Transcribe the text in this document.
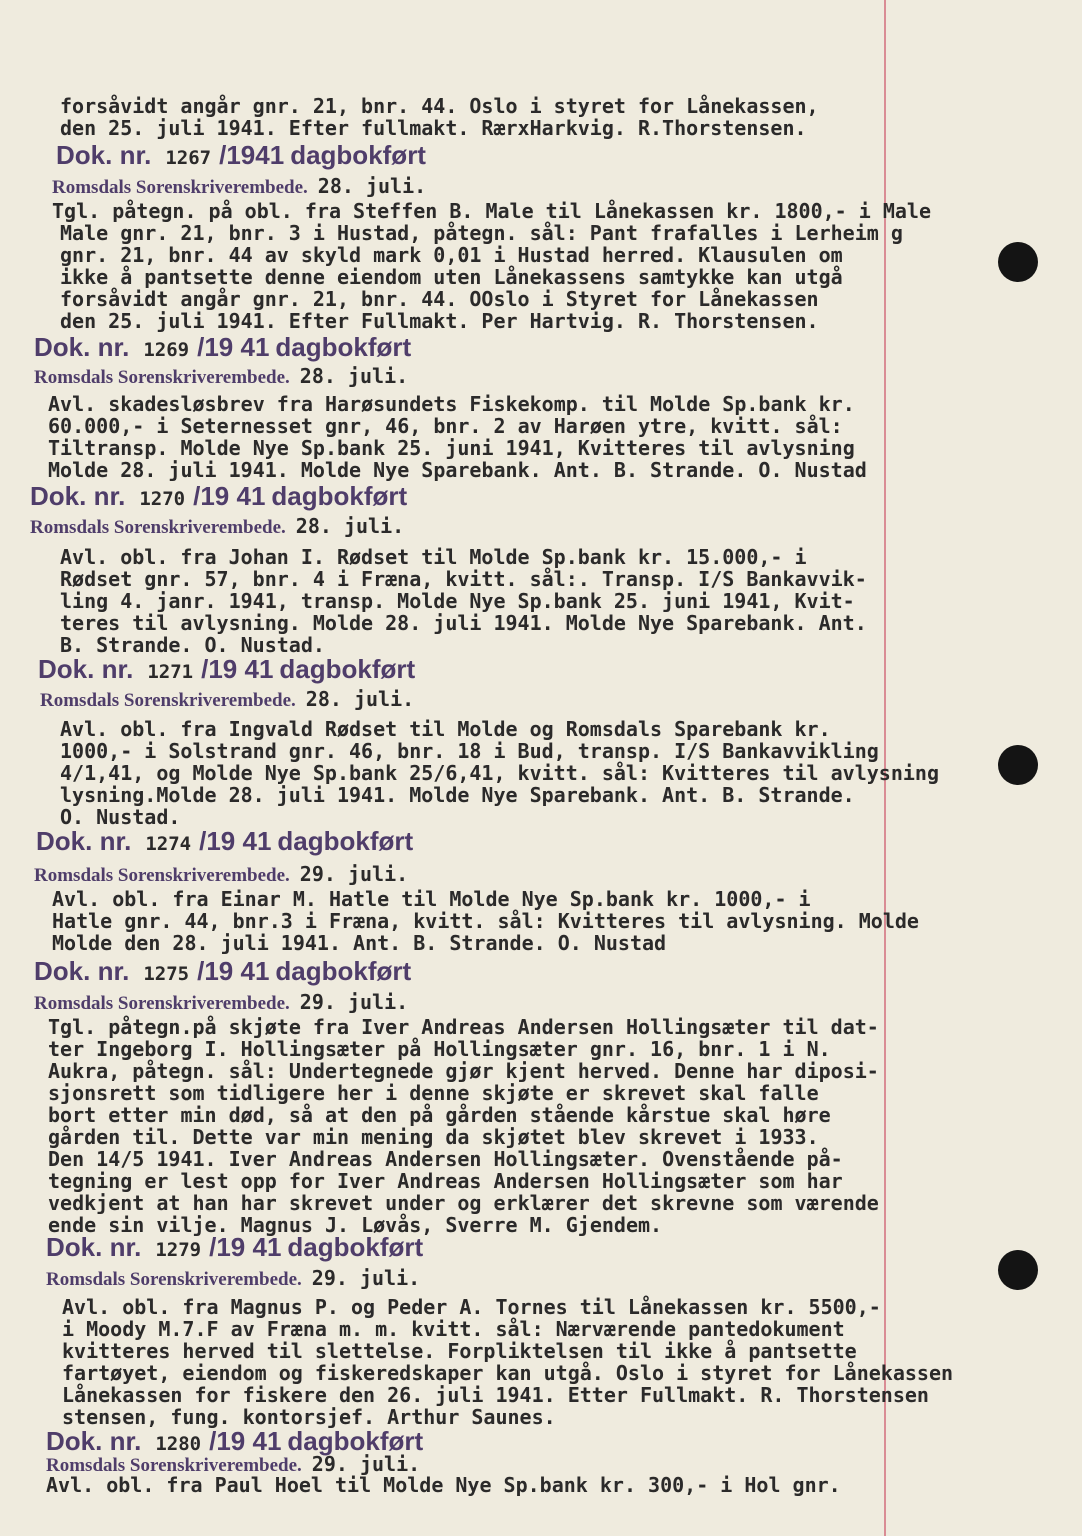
forsåvidt angår gnr. 21, bnr. 44. Oslo i styret for Lånekassen,
den 25. juli 1941. Efter fullmakt. RærxHarkvig. R.Thorstensen.
Dok. nr. 1267 /1941 dagbokført
Romsdals Sorenskriverembede. 28. juli.
Tgl. påtegn. på obl. fra Steffen B. Male til Lånekassen kr. 1800,- i Male
Male gnr. 21, bnr. 3 i Hustad, påtegn. sål: Pant frafalles i Lerheim g
gnr. 21, bnr. 44 av skyld mark 0,01 i Hustad herred. Klausulen om
ikke å pantsette denne eiendom uten Lånekassens samtykke kan utgå
forsåvidt angår gnr. 21, bnr. 44. OOslo i Styret for Lånekassen
den 25. juli 1941. Efter Fullmakt. Per Hartvig. R. Thorstensen.
Dok. nr. 1269 /19 41 dagbokført
Romsdals Sorenskriverembede. 28. juli.
Avl. skadesløsbrev fra Harøsundets Fiskekomp. til Molde Sp.bank kr.
60.000,- i Seternesset gnr, 46, bnr. 2 av Harøen ytre, kvitt. sål:
Tiltransp. Molde Nye Sp.bank 25. juni 1941, Kvitteres til avlysning
Molde 28. juli 1941. Molde Nye Sparebank. Ant. B. Strande. O. Nustad
Dok. nr. 1270 /19 41 dagbokført
Romsdals Sorenskriverembede. 28. juli.
Avl. obl. fra Johan I. Rødset til Molde Sp.bank kr. 15.000,- i
Rødset gnr. 57, bnr. 4 i Fræna, kvitt. sål:. Transp. I/S Bankavvik-
ling 4. janr. 1941, transp. Molde Nye Sp.bank 25. juni 1941, Kvit-
teres til avlysning. Molde 28. juli 1941. Molde Nye Sparebank. Ant.
B. Strande. O. Nustad.
Dok. nr. 1271 /19 41 dagbokført
Romsdals Sorenskriverembede. 28. juli.
Avl. obl. fra Ingvald Rødset til Molde og Romsdals Sparebank kr.
1000,- i Solstrand gnr. 46, bnr. 18 i Bud, transp. I/S Bankavvikling
4/1,41, og Molde Nye Sp.bank 25/6,41, kvitt. sål: Kvitteres til avlysning
lysning.Molde 28. juli 1941. Molde Nye Sparebank. Ant. B. Strande.
O. Nustad.
Dok. nr. 1274 /19 41 dagbokført
Romsdals Sorenskriverembede. 29. juli.
Avl. obl. fra Einar M. Hatle til Molde Nye Sp.bank kr. 1000,- i
Hatle gnr. 44, bnr.3 i Fræna, kvitt. sål: Kvitteres til avlysning. Molde
Molde den 28. juli 1941. Ant. B. Strande. O. Nustad
Dok. nr. 1275 /19 41 dagbokført
Romsdals Sorenskriverembede. 29. juli.
Tgl. påtegn.på skjøte fra Iver Andreas Andersen Hollingsæter til dat-
ter Ingeborg I. Hollingsæter på Hollingsæter gnr. 16, bnr. 1 i N.
Aukra, påtegn. sål: Undertegnede gjør kjent herved. Denne har diposi-
sjonsrett som tidligere her i denne skjøte er skrevet skal falle
bort etter min død, så at den på gården stående kårstue skal høre
gården til. Dette var min mening da skjøtet blev skrevet i 1933.
Den 14/5 1941. Iver Andreas Andersen Hollingsæter. Ovenstående på-
tegning er lest opp for Iver Andreas Andersen Hollingsæter som har
vedkjent at han har skrevet under og erklærer det skrevne som værende
ende sin vilje. Magnus J. Løvås, Sverre M. Gjendem.
Dok. nr. 1279 /19 41 dagbokført
Romsdals Sorenskriverembede. 29. juli.
Avl. obl. fra Magnus P. og Peder A. Tornes til Lånekassen kr. 5500,-
i Moody M.7.F av Fræna m. m. kvitt. sål: Nærværende pantedokument
kvitteres herved til slettelse. Forpliktelsen til ikke å pantsette
fartøyet, eiendom og fiskeredskaper kan utgå. Oslo i styret for Lånekassen
Lånekassen for fiskere den 26. juli 1941. Etter Fullmakt. R. Thorstensen
stensen, fung. kontorsjef. Arthur Saunes.
Dok. nr. 1280 /19 41 dagbokført
Romsdals Sorenskriverembede. 29. juli.
Avl. obl. fra Paul Hoel til Molde Nye Sp.bank kr. 300,- i Hol gnr.
